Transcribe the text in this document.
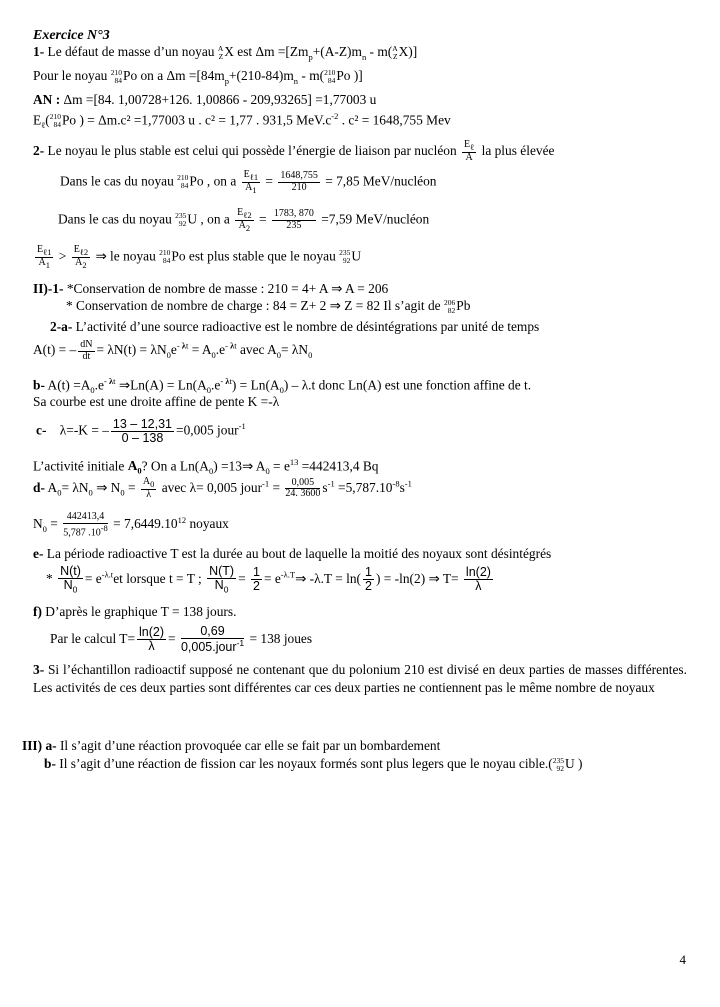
Exercice N°3
1- Le défaut de masse d’un noyau A
Z X est $\Delta m =[Zm_p+(A-Z)m_n - m$( A
Z X)]
Pour le noyau 210
84 Po on a $\Delta m =[84m_p+(210-84)m_n - m$( 210
84 Po )]
AN : Δm =[84. 1,00728+126. 1,00866 - 209,93265] =1,77003 u
$E_\ell$( 210
84 Po ) = Δm.c² =1,77003 u . c² = 1,77 . 931,5 $MeV.c^{-2}$ . c² = 1648,755 Mev
2- Le noyau le plus stable est celui qui possède l’énergie de liaison par nucléon $\frac{E_\ell}{A}$ la plus élevée
Dans le cas du noyau 210
84 Po , on a $\frac{E_{\ell 1}}{A_1} = \frac{1648,755}{210} = 7,85$ MeV/nucléon
Dans le cas du noyau 235
92 U , on a $\frac{E_{\ell 2}}{A_2} = \frac{1783, 870}{235} =7,59$ MeV/nucléon
$\frac{E_{\ell 1}}{A_1} > \frac{E_{\ell 2}}{A_2}$ ⇒ le noyau 210
84 Po est plus stable que le noyau 235
92 U
II)-1- *Conservation de nombre de masse : 210 = 4+ A ⇒ A = 206
* Conservation de nombre de charge : 84 = Z+ 2 ⇒ Z = 82 Il s’agit de 206
82 Pb
2-a- L’activité d’une source radioactive est le nombre de désintégrations par unité de temps
A(t) = – $\frac{dN}{dt} = \lambda N(t) = \lambda N_0e^{- \lambda t} = A_0.e^{- \lambda t}$ avec $A_0= \lambda N_0$
b- $A(t) =A_0.e^{- \lambda t}$ ⇒Ln(A) = $Ln(A_0.e^{- \lambda t}) = Ln(A_0) - \lambda.t$ donc Ln(A) est une fonction affine de t.
Sa courbe est une droite affine de pente K =-λ
c- λ=-K = – $\frac{13 - 12,31}{0 - 138} =0,005$ jour$^{-1}$
L’activité initiale $A_0$? On a $Ln(A_0)$ =13⇒ $A_0 = e^{13} =442413,4$ Bq
d- $A_0= \lambda N_0$ ⇒ $N_0 = \frac{A_0}{\lambda}$ avec λ= 0,005 jour$^{-1}$ = $\frac{0,005}{24. 3600} s^{-1} =5,787.10^{-8}s^{-1}$
$N_0 = \frac{442413,4}{5,787 .10^{-8}} = 7,6449.10^{12}$ noyaux
e- La période radioactive T est la durée au bout de laquelle la moitié des noyaux sont désintégrés
* $\frac{N(t)}{N_0} = e^{-\lambda.t}et$ lorsque t = T ; $\frac{N(T)}{N_0} = \frac{1}{2}$ = $e^{-\lambda.T}\Rightarrow$ $-\lambda.T = \ln( \frac{1}{2}$ ) = -ln(2) ⇒ $T= \frac{\ln(2)}{\lambda}$
f) D’après le graphique T = 138 jours.
Par le calcul $T= \frac{\ln(2)}{\lambda} = \frac{0,69}{0,005.jour^{-1}} = 138$ joues
3- Si l’échantillon radioactif supposé ne contenant que du polonium 210 est divisé en deux parties de masses différentes. Les activités de ces deux parties sont différentes car ces deux parties ne contiennent pas le même nombre de noyaux
III) a- Il s’agit d’une réaction provoquée car elle se fait par un bombardement
b- Il s’agit d’une réaction de fission car les noyaux formés sont plus legers que le noyau cible.( 235
92 U )
4
